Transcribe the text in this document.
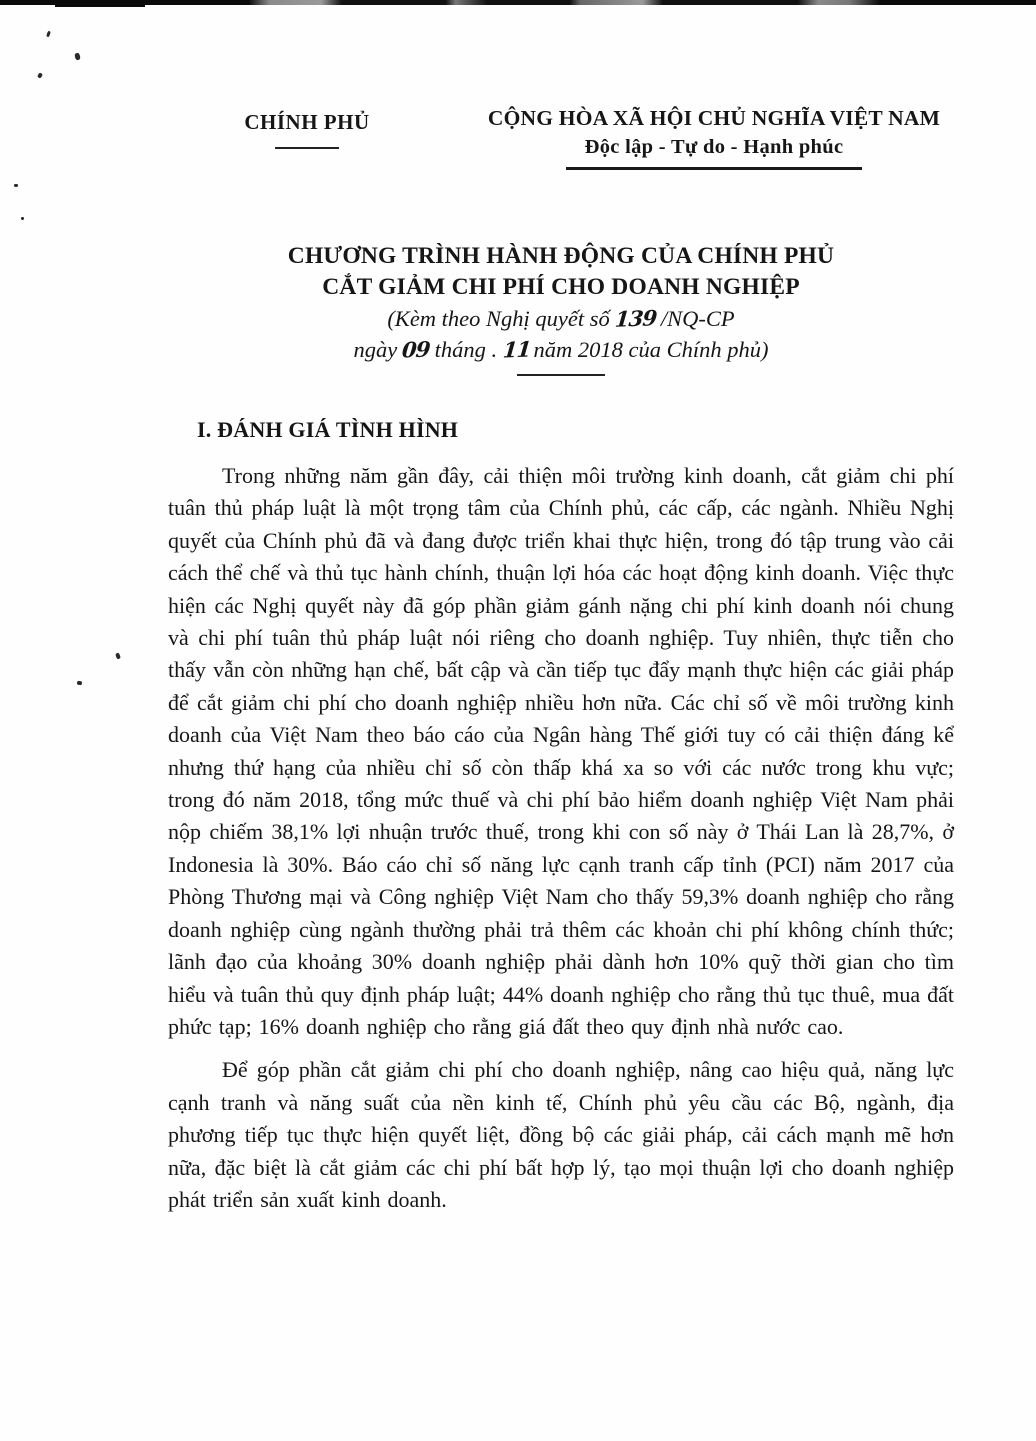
CHÍNH PHỦ	CỘNG HÒA XÃ HỘI CHỦ NGHĨA VIỆT NAM
Độc lập - Tự do - Hạnh phúc
CHƯƠNG TRÌNH HÀNH ĐỘNG CỦA CHÍNH PHỦ
CẮT GIẢM CHI PHÍ CHO DOANH NGHIỆP
(Kèm theo Nghị quyết số 139 /NQ-CP
ngày 09 tháng . 11năm 2018 của Chính phủ)
I. ĐÁNH GIÁ TÌNH HÌNH

Trong những năm gần đây, cải thiện môi trường kinh doanh, cắt giảm chi phí tuân thủ pháp luật là một trọng tâm của Chính phủ, các cấp, các ngành. Nhiều Nghị quyết của Chính phủ đã và đang được triển khai thực hiện, trong đó tập trung vào cải cách thể chế và thủ tục hành chính, thuận lợi hóa các hoạt động kinh doanh. Việc thực hiện các Nghị quyết này đã góp phần giảm gánh nặng chi phí kinh doanh nói chung và chi phí tuân thủ pháp luật nói riêng cho doanh nghiệp. Tuy nhiên, thực tiễn cho thấy vẫn còn những hạn chế, bất cập và cần tiếp tục đẩy mạnh thực hiện các giải pháp để cắt giảm chi phí cho doanh nghiệp nhiều hơn nữa. Các chỉ số về môi trường kinh doanh của Việt Nam theo báo cáo của Ngân hàng Thế giới tuy có cải thiện đáng kể nhưng thứ hạng của nhiều chỉ số còn thấp khá xa so với các nước trong khu vực; trong đó năm 2018, tổng mức thuế và chi phí bảo hiểm doanh nghiệp Việt Nam phải nộp chiếm 38,1% lợi nhuận trước thuế, trong khi con số này ở Thái Lan là 28,7%, ở Indonesia là 30%. Báo cáo chỉ số năng lực cạnh tranh cấp tỉnh (PCI) năm 2017 của Phòng Thương mại và Công nghiệp Việt Nam cho thấy 59,3% doanh nghiệp cho rằng doanh nghiệp cùng ngành thường phải trả thêm các khoản chi phí không chính thức; lãnh đạo của khoảng 30% doanh nghiệp phải dành hơn 10% quỹ thời gian cho tìm hiểu và tuân thủ quy định pháp luật; 44% doanh nghiệp cho rằng thủ tục thuê, mua đất phức tạp; 16% doanh nghiệp cho rằng giá đất theo quy định nhà nước cao.

Để góp phần cắt giảm chi phí cho doanh nghiệp, nâng cao hiệu quả, năng lực cạnh tranh và năng suất của nền kinh tế, Chính phủ yêu cầu các Bộ, ngành, địa phương tiếp tục thực hiện quyết liệt, đồng bộ các giải pháp, cải cách mạnh mẽ hơn nữa, đặc biệt là cắt giảm các chi phí bất hợp lý, tạo mọi thuận lợi cho doanh nghiệp phát triển sản xuất kinh doanh.
